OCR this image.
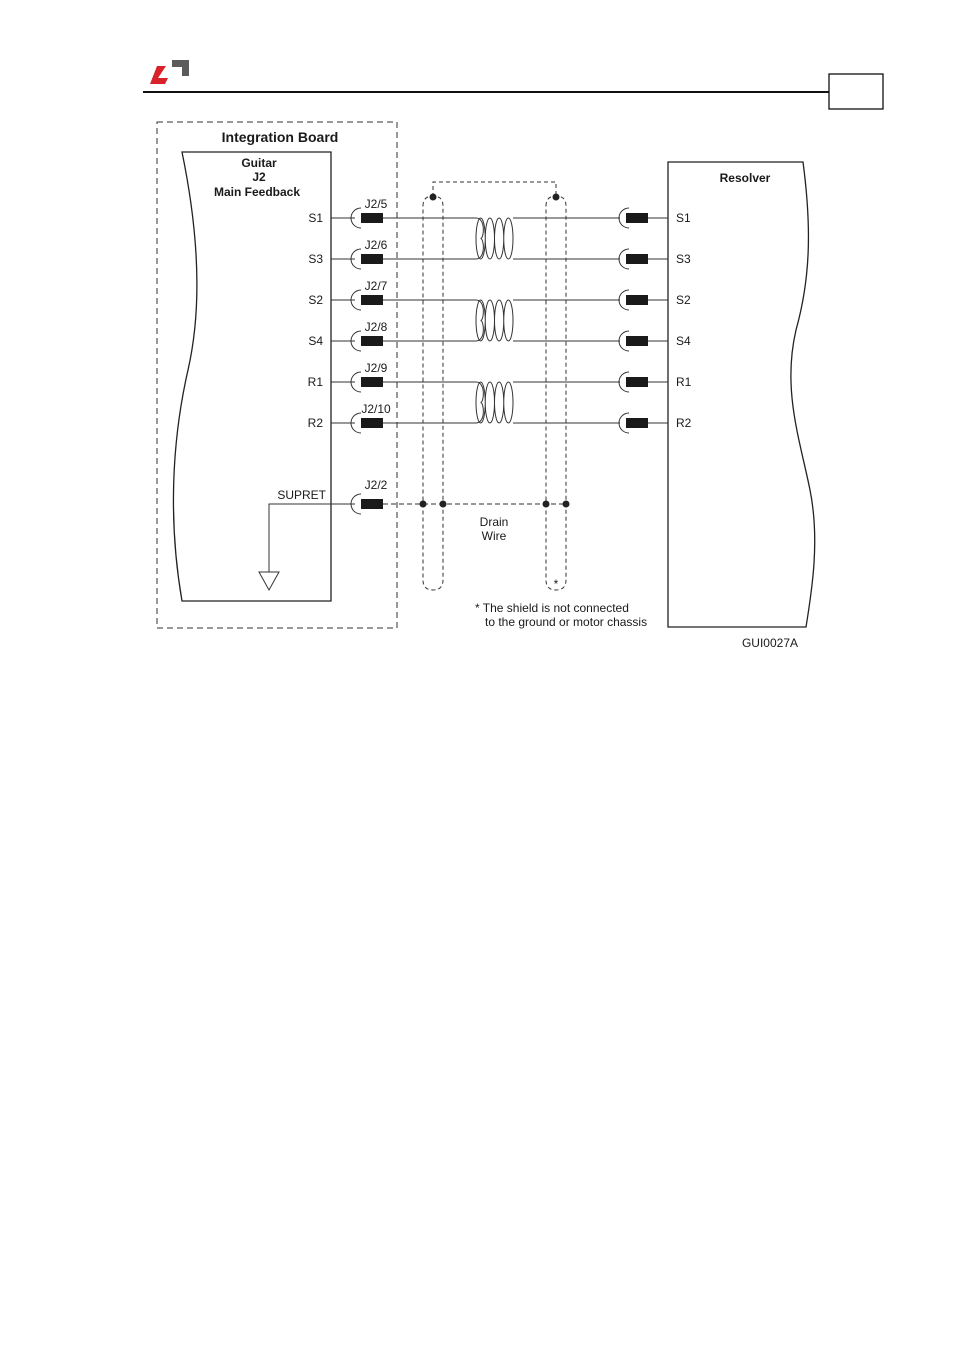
Integration Board
Guitar
J2
Main Feedback
Resolver
*
S1
J2/5
S1
S3
J2/6
S3
S2
J2/7
S2
S4
J2/8
S4
R1
J2/9
R1
R2
J2/10
R2
SUPRET
J2/2
Drain
Wire
* The shield is not connected
to the ground or motor chassis
GUI0027A
